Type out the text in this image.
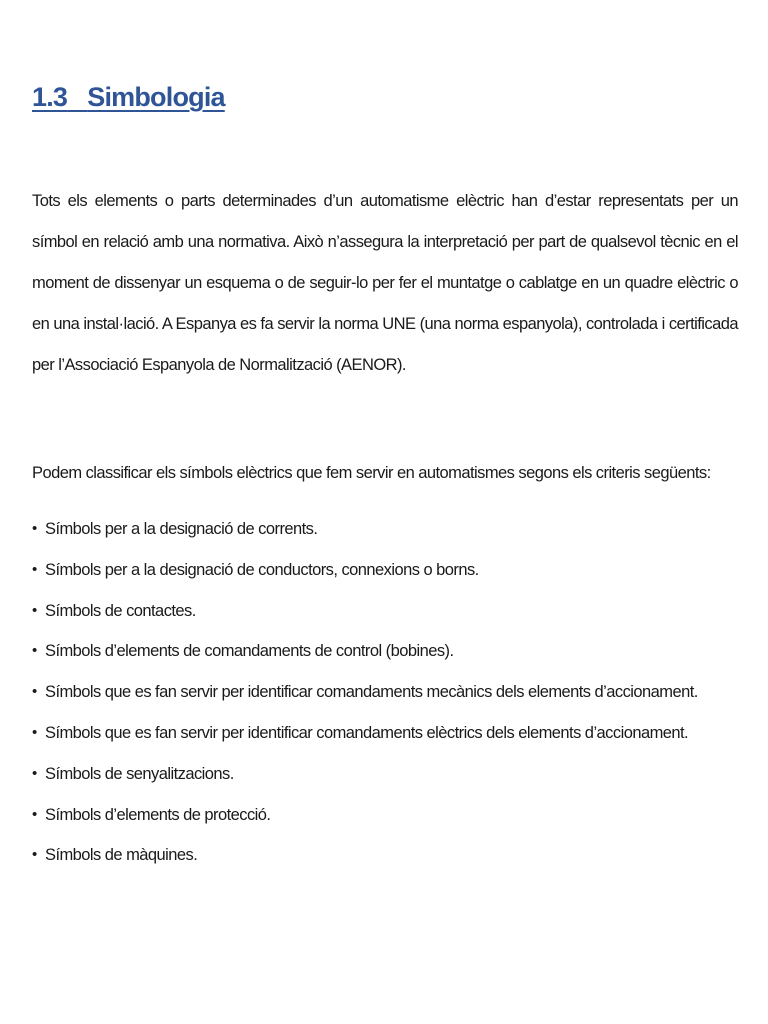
1.3 Simbologia

Tots els elements o parts determinades d’un automatisme elèctric han d’estar representats per un símbol en relació amb una normativa. Això n’assegura la interpretació per part de qualsevol tècnic en el moment de dissenyar un esquema o de seguir-lo per fer el muntatge o cablatge en un quadre elèctric o en una instal·lació. A Espanya es fa servir la norma UNE (una norma espanyola), controlada i certificada per l’Associació Espanyola de Normalització (AENOR).

Podem classificar els símbols elèctrics que fem servir en automatismes segons els criteris següents:

• Símbols per a la designació de corrents.
• Símbols per a la designació de conductors, connexions o borns.
• Símbols de contactes.
• Símbols d’elements de comandaments de control (bobines).
• Símbols que es fan servir per identificar comandaments mecànics dels elements d’accionament.
• Símbols que es fan servir per identificar comandaments elèctrics dels elements d’accionament.
• Símbols de senyalitzacions.
• Símbols d’elements de protecció.
• Símbols de màquines.
